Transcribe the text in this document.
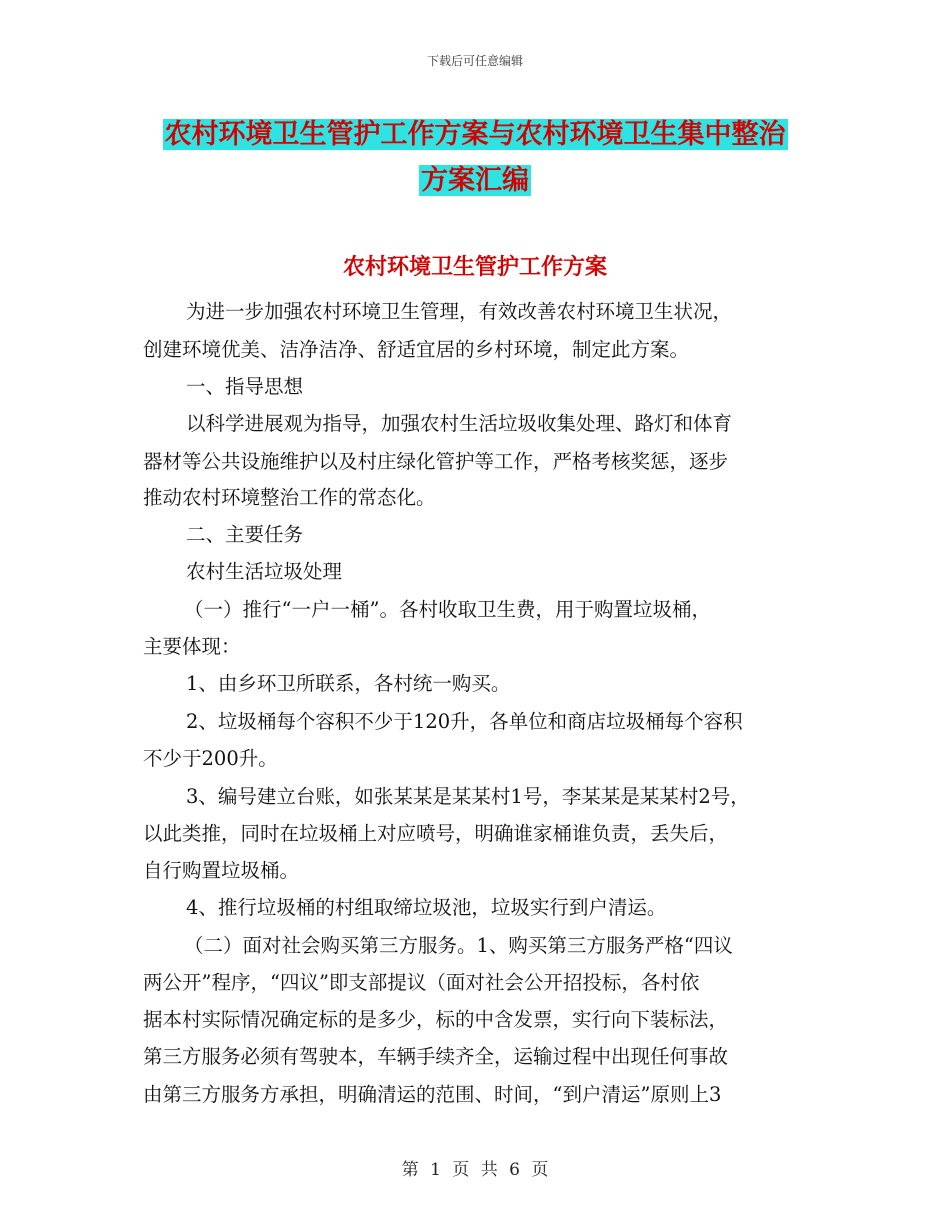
下载后可任意编辑
农村环境卫生管护工作方案与农村环境卫生集中整治
方案汇编
农村环境卫生管护工作方案
为进一步加强农村环境卫生管理，有效改善农村环境卫生状况，
创建环境优美、洁净洁净、舒适宜居的乡村环境，制定此方案。
一、指导思想
以科学进展观为指导，加强农村生活垃圾收集处理、路灯和体育
器材等公共设施维护以及村庄绿化管护等工作，严格考核奖惩，逐步
推动农村环境整治工作的常态化。
二、主要任务
农村生活垃圾处理
（一）推行“一户一桶”。各村收取卫生费，用于购置垃圾桶，
主要体现：
1、由乡环卫所联系，各村统一购买。
2、垃圾桶每个容积不少于120升，各单位和商店垃圾桶每个容积
不少于200升。
3、编号建立台账，如张某某是某某村1号，李某某是某某村2号，
以此类推，同时在垃圾桶上对应喷号，明确谁家桶谁负责，丢失后，
自行购置垃圾桶。
4、推行垃圾桶的村组取缔垃圾池，垃圾实行到户清运。
（二）面对社会购买第三方服务。1、购买第三方服务严格“四议
两公开”程序，“四议”即支部提议（面对社会公开招投标，各村依
据本村实际情况确定标的是多少，标的中含发票，实行向下装标法，
第三方服务必须有驾驶本，车辆手续齐全，运输过程中出现任何事故
由第三方服务方承担，明确清运的范围、时间，“到户清运”原则上3
第 1 页 共 6 页
